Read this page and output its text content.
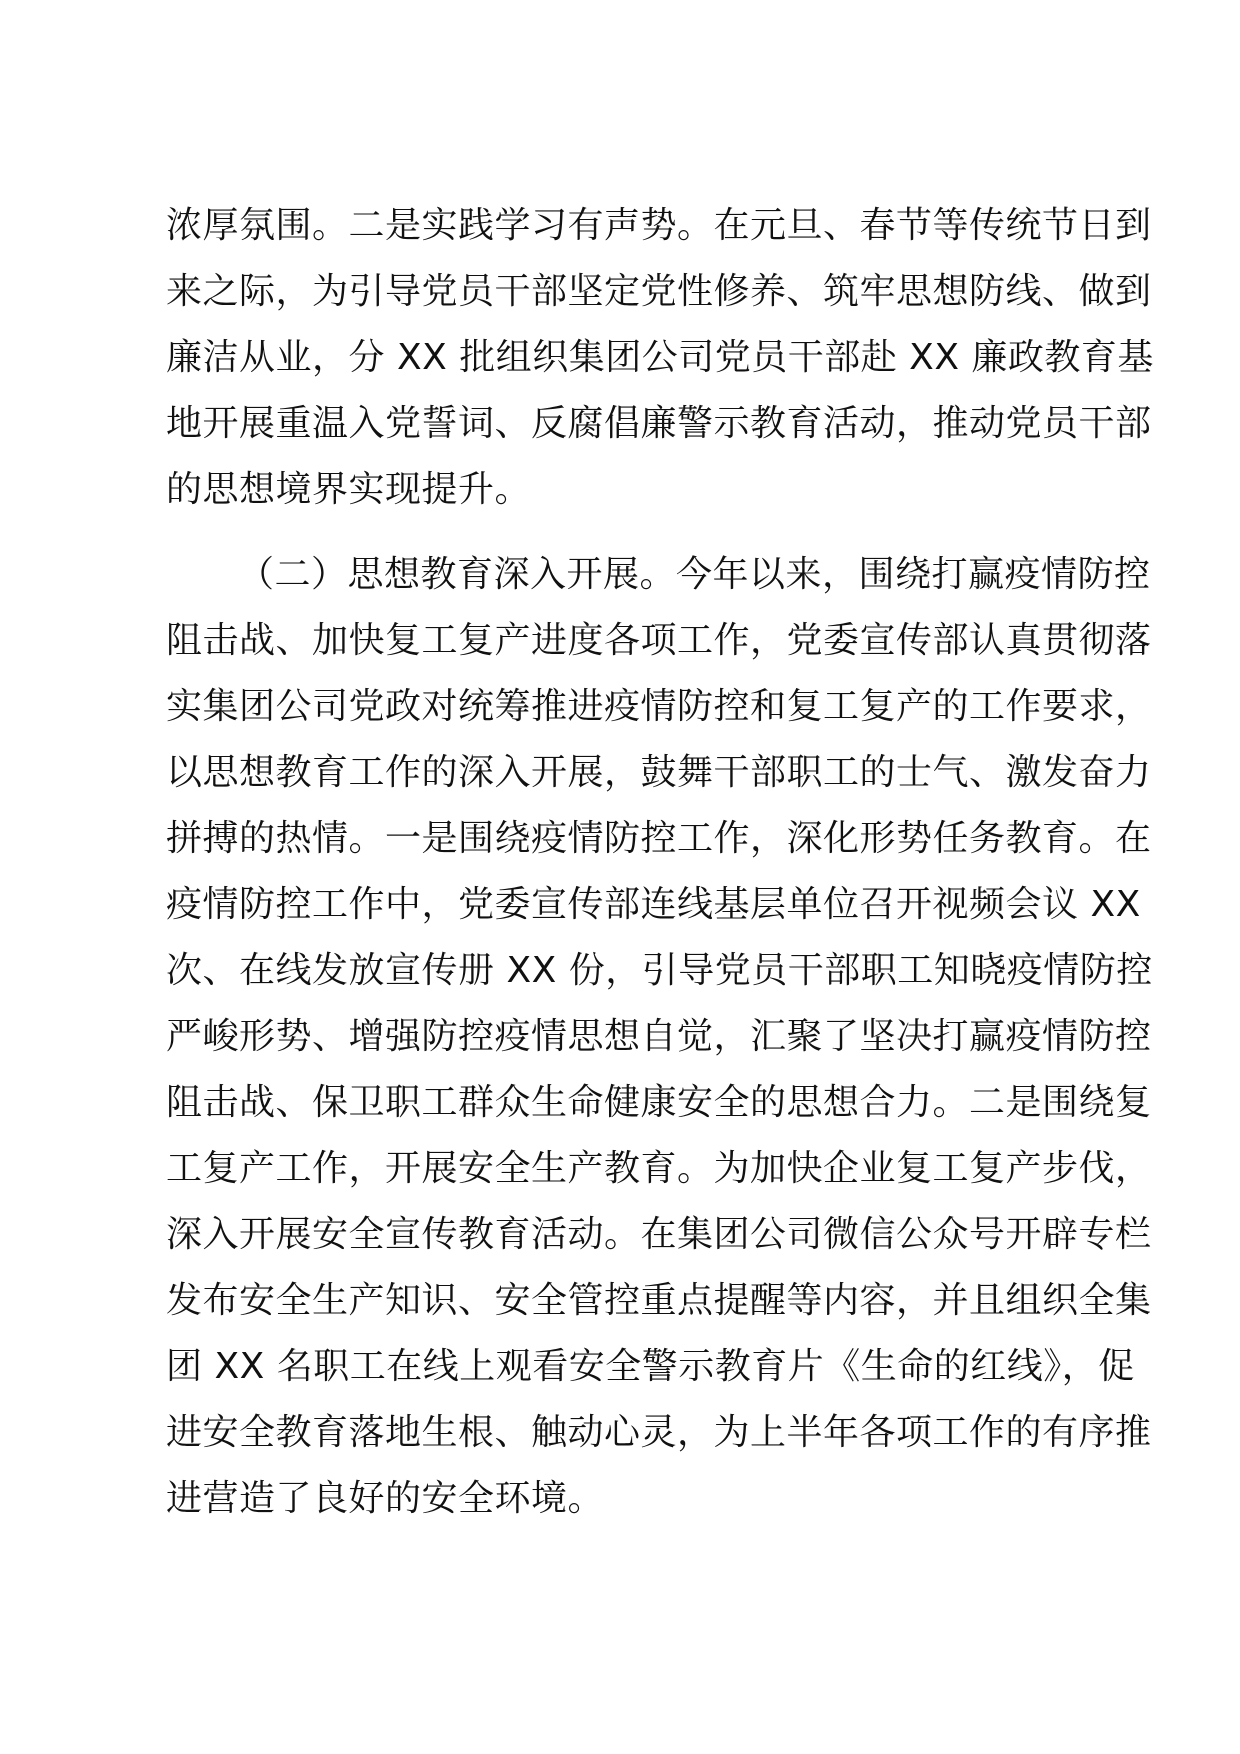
浓厚氛围。二是实践学习有声势。在元旦、春节等传统节日到
来之际，为引导党员干部坚定党性修养、筑牢思想防线、做到
廉洁从业，分 XX 批组织集团公司党员干部赴 XX 廉政教育基
地开展重温入党誓词、反腐倡廉警示教育活动，推动党员干部
的思想境界实现提升。
（二）思想教育深入开展。今年以来，围绕打赢疫情防控
阻击战、加快复工复产进度各项工作，党委宣传部认真贯彻落
实集团公司党政对统筹推进疫情防控和复工复产的工作要求，
以思想教育工作的深入开展，鼓舞干部职工的士气、激发奋力
拼搏的热情。一是围绕疫情防控工作，深化形势任务教育。在
疫情防控工作中，党委宣传部连线基层单位召开视频会议 XX
次、在线发放宣传册 XX 份，引导党员干部职工知晓疫情防控
严峻形势、增强防控疫情思想自觉，汇聚了坚决打赢疫情防控
阻击战、保卫职工群众生命健康安全的思想合力。二是围绕复
工复产工作，开展安全生产教育。为加快企业复工复产步伐，
深入开展安全宣传教育活动。在集团公司微信公众号开辟专栏
发布安全生产知识、安全管控重点提醒等内容，并且组织全集
团 XX 名职工在线上观看安全警示教育片《生命的红线》，促
进安全教育落地生根、触动心灵，为上半年各项工作的有序推
进营造了良好的安全环境。
